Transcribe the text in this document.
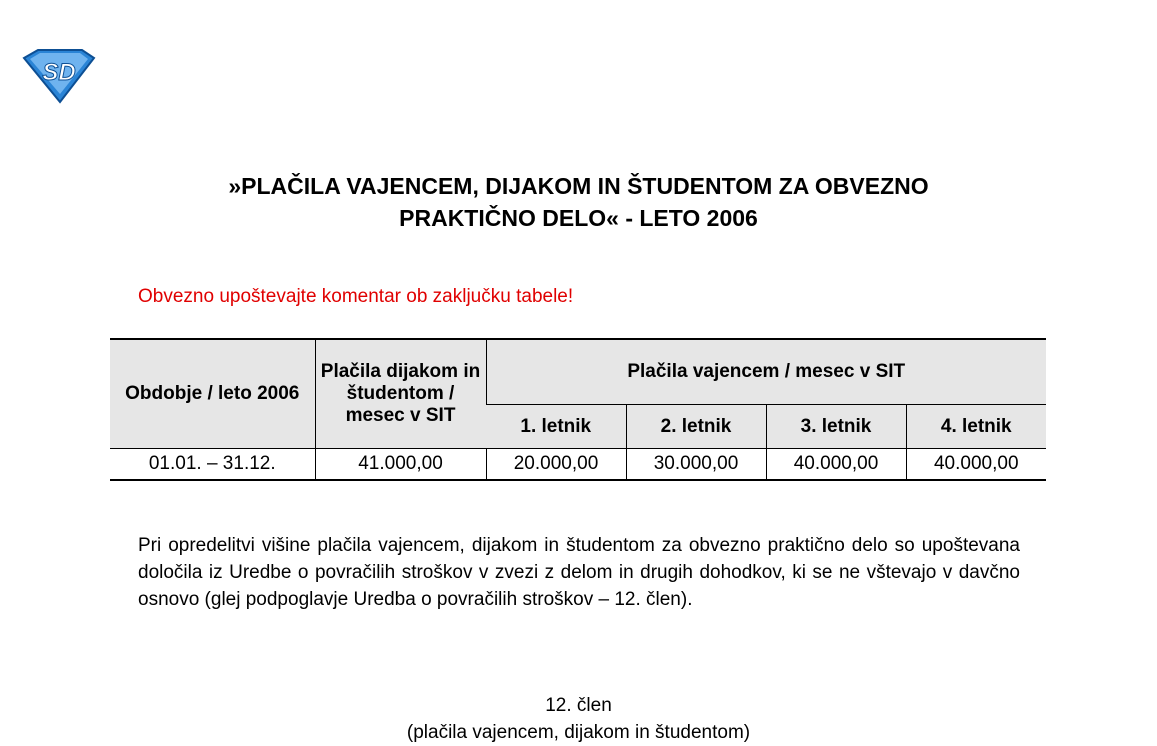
SD
»PLAČILA VAJENCEM, DIJAKOM IN ŠTUDENTOM ZA OBVEZNO
PRAKTIČNO DELO« - LETO 2006
Obvezno upoštevajte komentar ob zaključku tabele!
Obdobje / leto 2006	Plačila dijakom in študentom / mesec v SIT	Plačila vajencem / mesec v SIT			
		1. letnik	2. letnik	3. letnik	4. letnik
01.01. – 31.12.	41.000,00	20.000,00	30.000,00	40.000,00	40.000,00
Pri opredelitvi višine plačila vajencem, dijakom in študentom za obvezno praktično delo so upoštevana določila iz Uredbe o povračilih stroškov v zvezi z delom in drugih dohodkov, ki se ne vštevajo v davčno osnovo (glej podpoglavje Uredba o povračilih stroškov – 12. člen).
12. člen
(plačila vajencem, dijakom in študentom)
